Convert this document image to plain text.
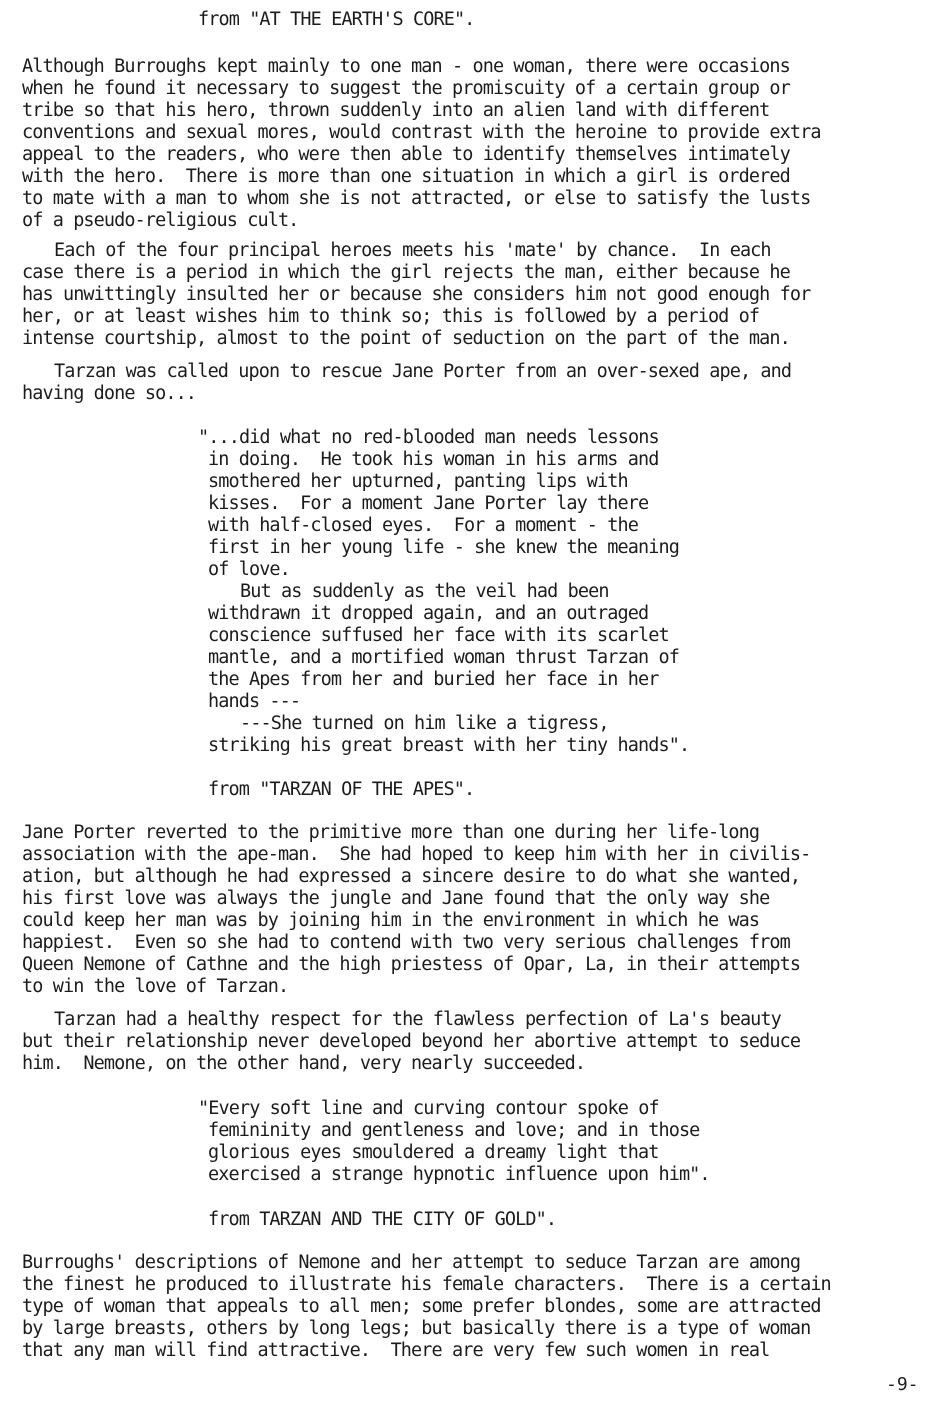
from "AT THE EARTH'S CORE".
Although Burroughs kept mainly to one man - one woman, there were occasions
when he found it necessary to suggest the promiscuity of a certain group or
tribe so that his hero, thrown suddenly into an alien land with different
conventions and sexual mores, would contrast with the heroine to provide extra
appeal to the readers, who were then able to identify themselves intimately
with the hero.  There is more than one situation in which a girl is ordered
to mate with a man to whom she is not attracted, or else to satisfy the lusts
of a pseudo-religious cult.
Each of the four principal heroes meets his 'mate' by chance.  In each
case there is a period in which the girl rejects the man, either because he
has unwittingly insulted her or because she considers him not good enough for
her, or at least wishes him to think so; this is followed by a period of
intense courtship, almost to the point of seduction on the part of the man.
Tarzan was called upon to rescue Jane Porter from an over-sexed ape, and
having done so...
"...did what no red-blooded man needs lessons
in doing.  He took his woman in his arms and
smothered her upturned, panting lips with
kisses.  For a moment Jane Porter lay there
with half-closed eyes.  For a moment - the
first in her young life - she knew the meaning
of love.
But as suddenly as the veil had been
withdrawn it dropped again, and an outraged
conscience suffused her face with its scarlet
mantle, and a mortified woman thrust Tarzan of
the Apes from her and buried her face in her
hands ---
---She turned on him like a tigress,
striking his great breast with her tiny hands".
from "TARZAN OF THE APES".
Jane Porter reverted to the primitive more than one during her life-long
association with the ape-man.  She had hoped to keep him with her in civilis-
ation, but although he had expressed a sincere desire to do what she wanted,
his first love was always the jungle and Jane found that the only way she
could keep her man was by joining him in the environment in which he was
happiest.  Even so she had to contend with two very serious challenges from
Queen Nemone of Cathne and the high priestess of Opar, La, in their attempts
to win the love of Tarzan.
Tarzan had a healthy respect for the flawless perfection of La's beauty
but their relationship never developed beyond her abortive attempt to seduce
him.  Nemone, on the other hand, very nearly succeeded.
"Every soft line and curving contour spoke of
femininity and gentleness and love; and in those
glorious eyes smouldered a dreamy light that
exercised a strange hypnotic influence upon him".
from TARZAN AND THE CITY OF GOLD".
Burroughs' descriptions of Nemone and her attempt to seduce Tarzan are among
the finest he produced to illustrate his female characters.  There is a certain
type of woman that appeals to all men; some prefer blondes, some are attracted
by large breasts, others by long legs; but basically there is a type of woman
that any man will find attractive.  There are very few such women in real
-9-
